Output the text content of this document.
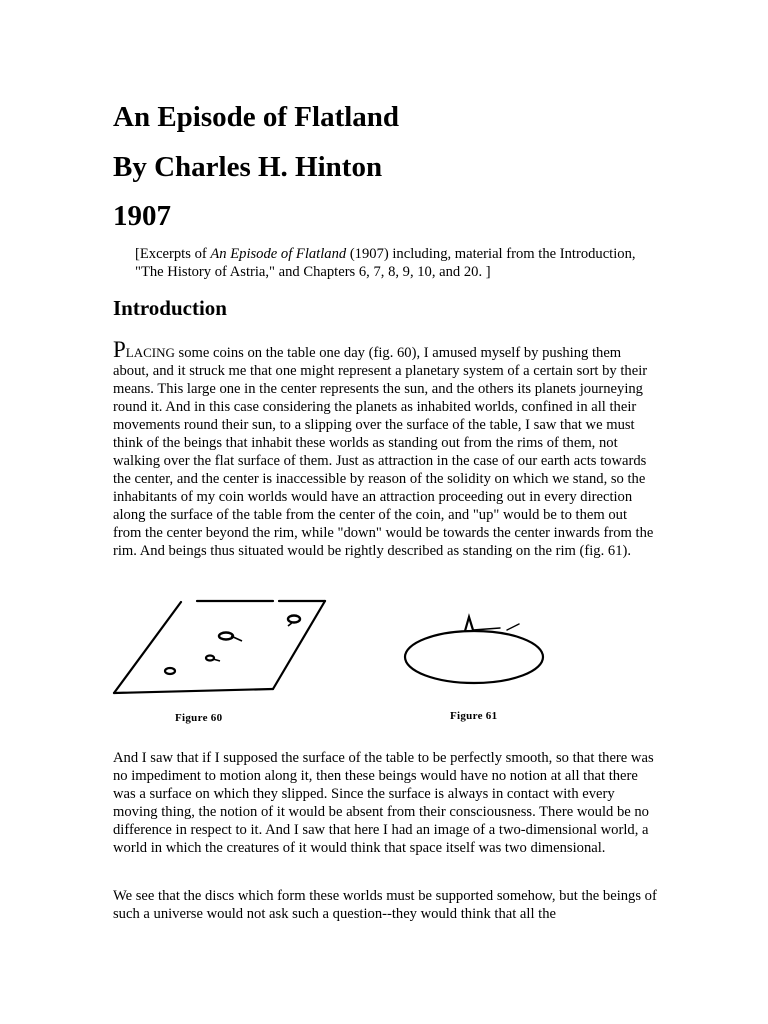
An Episode of Flatland
By Charles H. Hinton
1907

[Excerpts of An Episode of Flatland (1907) including, material from the Introduction, "The History of Astria," and Chapters 6, 7, 8, 9, 10, and 20. ]

Introduction

PLACING some coins on the table one day (fig. 60), I amused myself by pushing them about, and it struck me that one might represent a planetary system of a certain sort by their means. This large one in the center represents the sun, and the others its planets journeying round it. And in this case considering the planets as inhabited worlds, confined in all their movements round their sun, to a slipping over the surface of the table, I saw that we must think of the beings that inhabit these worlds as standing out from the rims of them, not walking over the flat surface of them. Just as attraction in the case of our earth acts towards the center, and the center is inaccessible by reason of the solidity on which we stand, so the inhabitants of my coin worlds would have an attraction proceeding out in every direction along the surface of the table from the center of the coin, and "up" would be to them out from the center beyond the rim, while "down" would be towards the center inwards from the rim. And beings thus situated would be rightly described as standing on the rim (fig. 61).

Figure 60	Figure 61

And I saw that if I supposed the surface of the table to be perfectly smooth, so that there was no impediment to motion along it, then these beings would have no notion at all that there was a surface on which they slipped. Since the surface is always in contact with every moving thing, the notion of it would be absent from their consciousness. There would be no difference in respect to it. And I saw that here I had an image of a two-dimensional world, a world in which the creatures of it would think that space itself was two dimensional.

We see that the discs which form these worlds must be supported somehow, but the beings of such a universe would not ask such a question--they would think that all the
